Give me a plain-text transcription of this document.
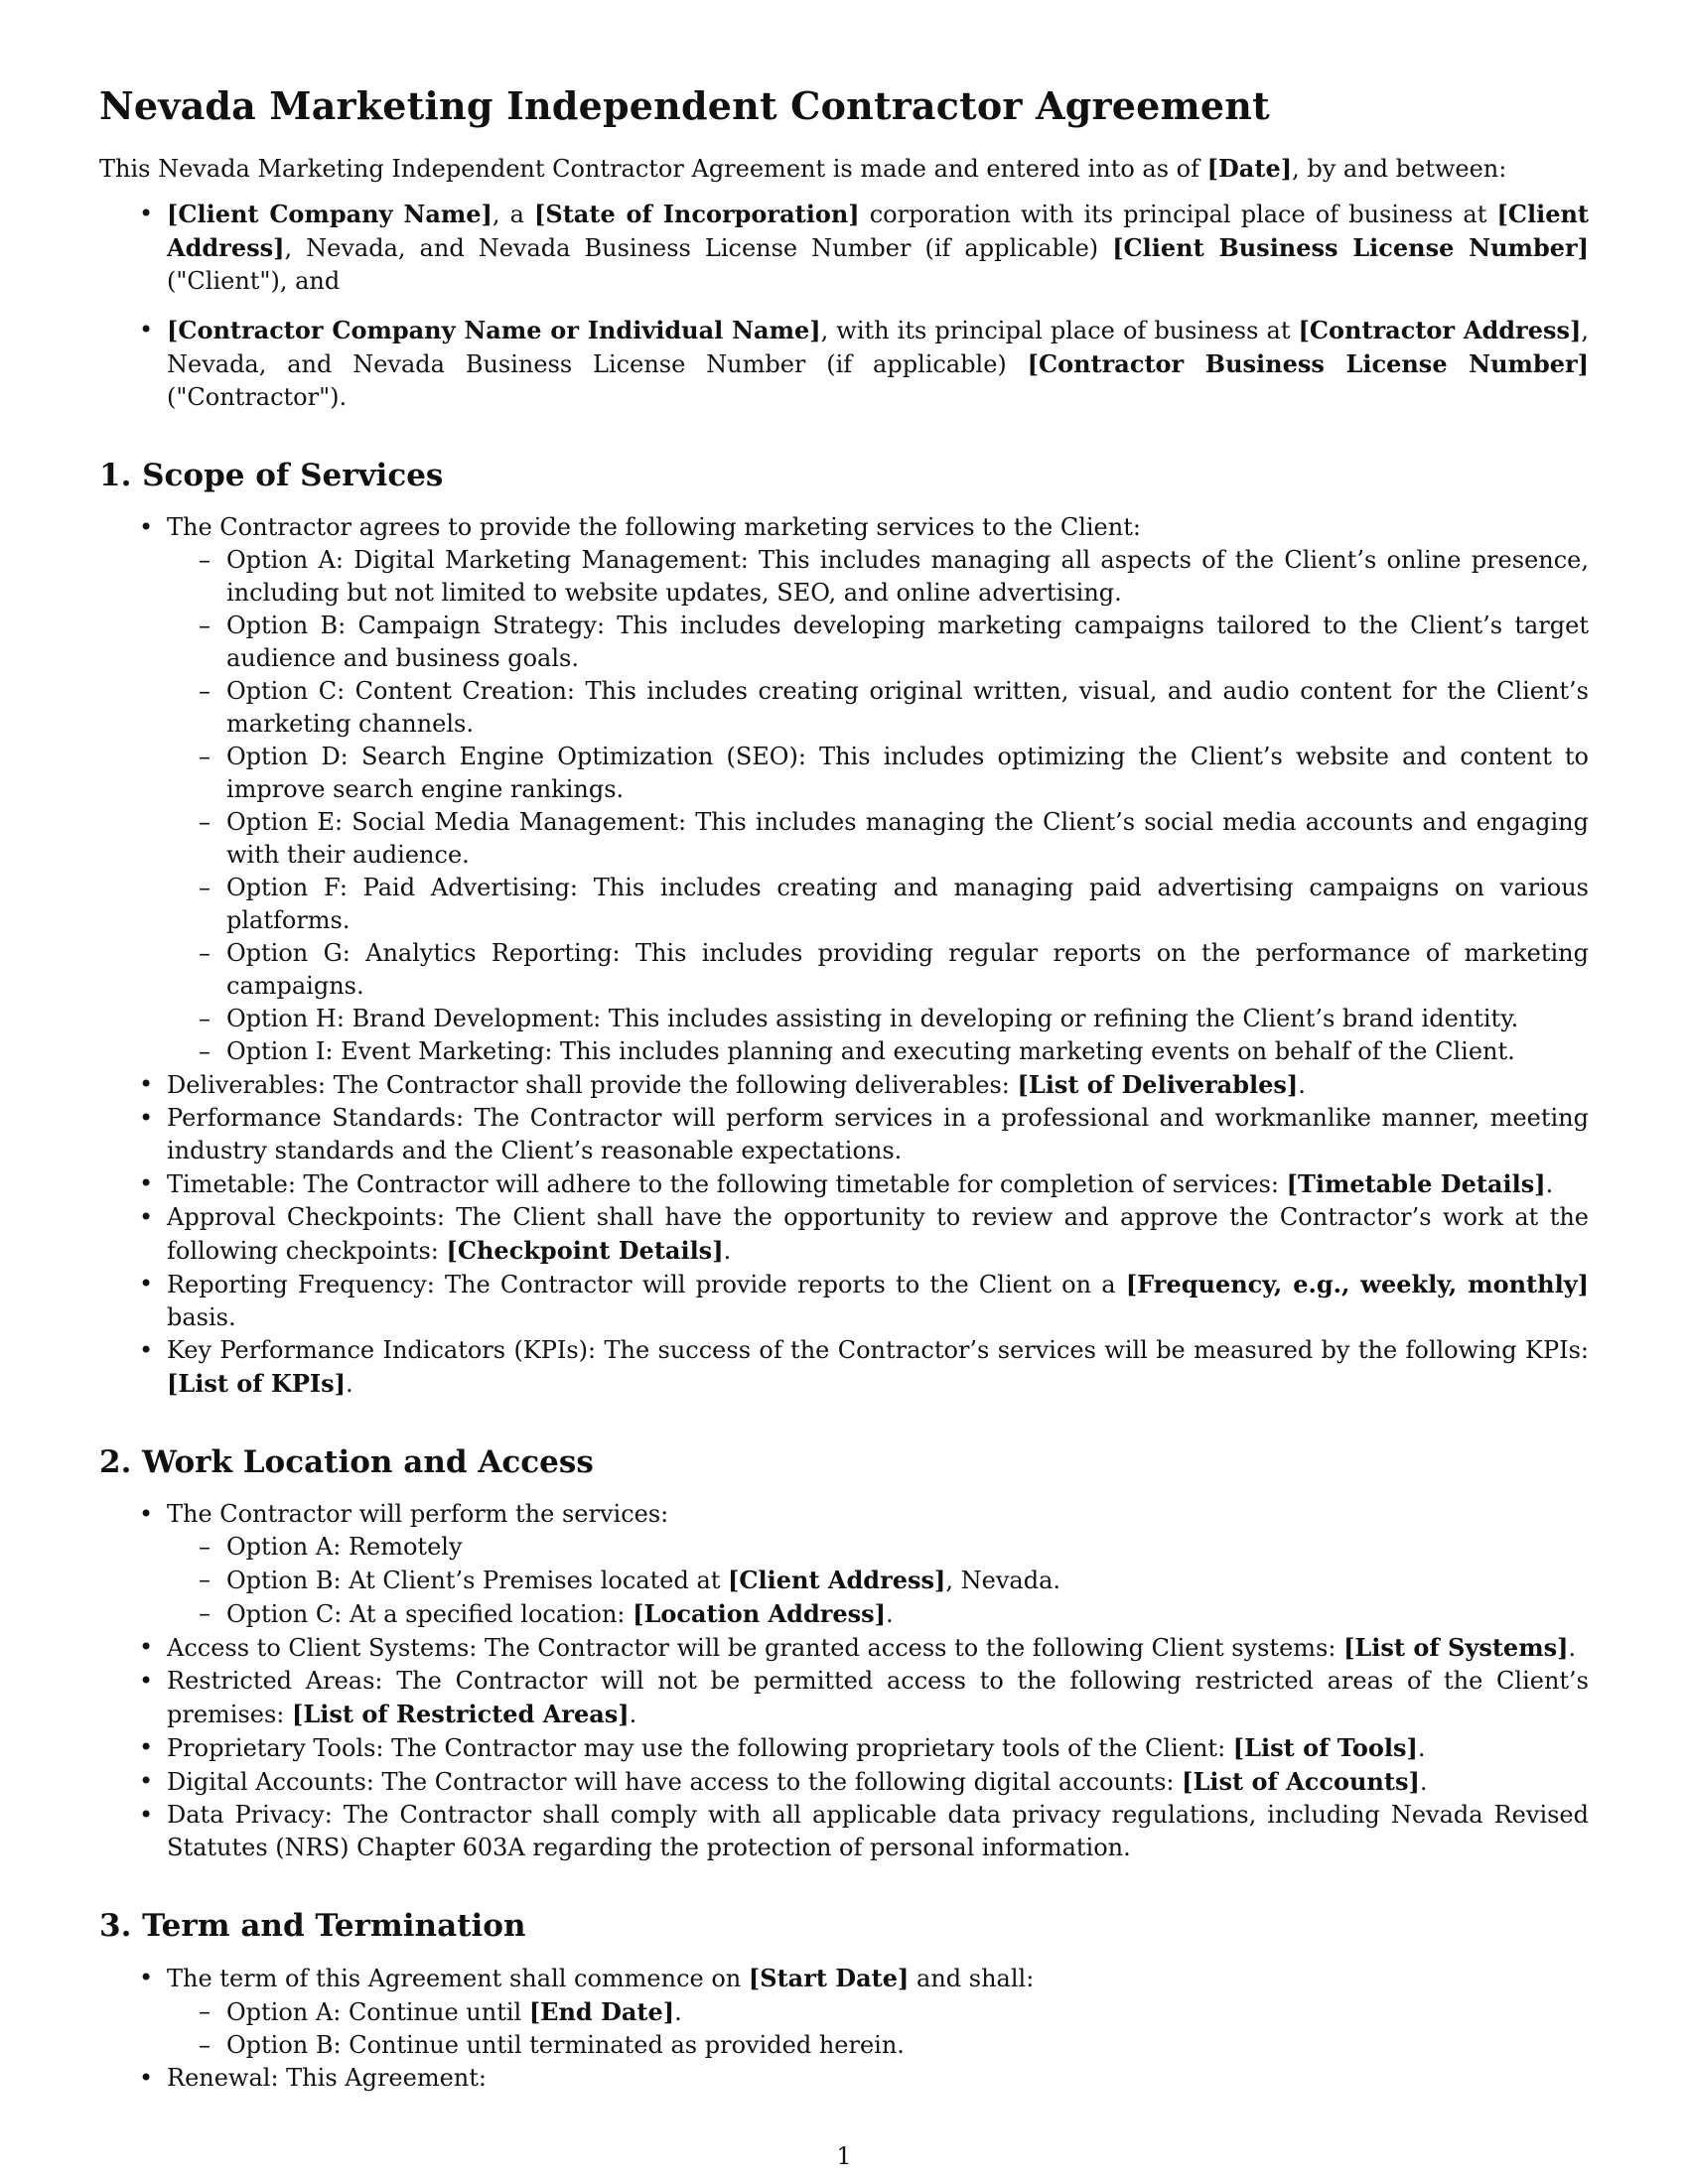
Nevada Marketing Independent Contractor Agreement

This Nevada Marketing Independent Contractor Agreement is made and entered into as of [Date], by and between:

• [Client Company Name], a [State of Incorporation] corporation with its principal place of business at [Client Address], Nevada, and Nevada Business License Number (if applicable) [Client Business License Number] ("Client"), and
• [Contractor Company Name or Individual Name], with its principal place of business at [Contractor Address], Nevada, and Nevada Business License Number (if applicable) [Contractor Business License Number] ("Contractor").
1. Scope of Services
• The Contractor agrees to provide the following marketing services to the Client:
– Option A: Digital Marketing Management: This includes managing all aspects of the Client’s online presence, including but not limited to website updates, SEO, and online advertising.
– Option B: Campaign Strategy: This includes developing marketing campaigns tailored to the Client’s target audience and business goals.
– Option C: Content Creation: This includes creating original written, visual, and audio content for the Client’s marketing channels.
– Option D: Search Engine Optimization (SEO): This includes optimizing the Client’s website and content to improve search engine rankings.
– Option E: Social Media Management: This includes managing the Client’s social media accounts and engaging with their audience.
– Option F: Paid Advertising: This includes creating and managing paid advertising campaigns on various platforms.
– Option G: Analytics Reporting: This includes providing regular reports on the performance of marketing campaigns.
– Option H: Brand Development: This includes assisting in developing or refining the Client’s brand identity.
– Option I: Event Marketing: This includes planning and executing marketing events on behalf of the Client.
• Deliverables: The Contractor shall provide the following deliverables: [List of Deliverables].
• Performance Standards: The Contractor will perform services in a professional and workmanlike manner, meeting industry standards and the Client’s reasonable expectations.
• Timetable: The Contractor will adhere to the following timetable for completion of services: [Timetable Details].
• Approval Checkpoints: The Client shall have the opportunity to review and approve the Contractor’s work at the following checkpoints: [Checkpoint Details].
• Reporting Frequency: The Contractor will provide reports to the Client on a [Frequency, e.g., weekly, monthly] basis.
• Key Performance Indicators (KPIs): The success of the Contractor’s services will be measured by the following KPIs: [List of KPIs].
2. Work Location and Access
• The Contractor will perform the services:
– Option A: Remotely
– Option B: At Client’s Premises located at [Client Address], Nevada.
– Option C: At a specified location: [Location Address].
• Access to Client Systems: The Contractor will be granted access to the following Client systems: [List of Systems].
• Restricted Areas: The Contractor will not be permitted access to the following restricted areas of the Client’s premises: [List of Restricted Areas].
• Proprietary Tools: The Contractor may use the following proprietary tools of the Client: [List of Tools].
• Digital Accounts: The Contractor will have access to the following digital accounts: [List of Accounts].
• Data Privacy: The Contractor shall comply with all applicable data privacy regulations, including Nevada Revised Statutes (NRS) Chapter 603A regarding the protection of personal information.
3. Term and Termination
• The term of this Agreement shall commence on [Start Date] and shall:
– Option A: Continue until [End Date].
– Option B: Continue until terminated as provided herein.
• Renewal: This Agreement:
1
